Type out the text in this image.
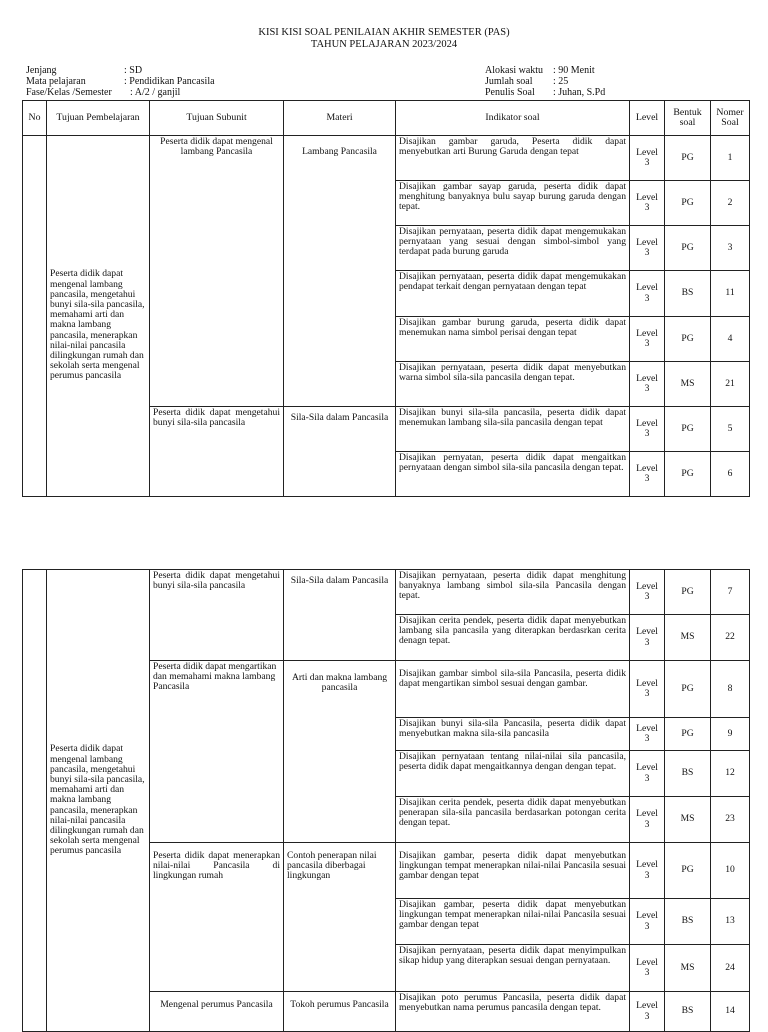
KISI KISI SOAL PENILAIAN AKHIR SEMESTER (PAS)
TAHUN PELAJARAN 2023/2024
Jenjang	: SD
Mata pelajaran	: Pendidikan Pancasila
Fase/Kelas /Semester	: A/2 / ganjil
Alokasi waktu : 90 Menit
Jumlah soal	: 25
Penulis Soal	: Juhan, S.Pd
No	Tujuan Pembelajaran	Tujuan Subunit	Materi	Indikator soal	Level	Bentuk soal	Nomer Soal
	Peserta didik dapat mengenal lambang pancasila, mengetahui bunyi sila-sila pancasila, memahami arti dan makna lambang pancasila, menerapkan nilai-nilai pancasila dilingkungan rumah dan sekolah serta mengenal perumus pancasila	Peserta didik dapat mengenal lambang Pancasila	Lambang Pancasila	Disajikan gambar garuda, Peserta didik dapat menyebutkan arti Burung Garuda dengan tepat	Level 3	PG	1
				Disajikan gambar sayap garuda, peserta didik dapat menghitung banyaknya bulu sayap burung garuda dengan tepat.	Level 3	PG	2
				Disajikan pernyataan, peserta didik dapat mengemukakan pernyataan yang sesuai dengan simbol-simbol yang terdapat pada burung garuda	Level 3	PG	3
				Disajikan pernyataan, peserta didik dapat mengemukakan pendapat terkait dengan pernyataan dengan tepat	Level 3	BS	11
				Disajikan gambar burung garuda, peserta didik dapat menemukan nama simbol perisai dengan tepat	Level 3	PG	4
				Disajikan pernyataan, peserta didik dapat menyebutkan warna simbol sila-sila pancasila dengan tepat.	Level 3	MS	21
		Peserta didik dapat mengetahui bunyi sila-sila pancasila	Sila-Sila dalam Pancasila	Disajikan bunyi sila-sila pancasila, peserta didik dapat menemukan lambang sila-sila pancasila dengan tepat	Level 3	PG	5
				Disajikan pernyatan, peserta didik dapat mengaitkan pernyataan dengan simbol sila-sila pancasila dengan tepat.	Level 3	PG	6
	Peserta didik dapat mengenal lambang pancasila, mengetahui bunyi sila-sila pancasila, memahami arti dan makna lambang pancasila, menerapkan nilai-nilai pancasila dilingkungan rumah dan sekolah serta mengenal perumus pancasila	Peserta didik dapat mengetahui bunyi sila-sila pancasila	Sila-Sila dalam Pancasila	Disajikan pernyataan, peserta didik dapat menghitung banyaknya lambang simbol sila-sila Pancasila dengan tepat.	Level 3	PG	7
				Disajikan cerita pendek, peserta didik dapat menyebutkan lambang sila pancasila yang diterapkan berdasrkan cerita denagn tepat.	Level 3	MS	22
		Peserta didik dapat mengartikan dan memahami makna lambang Pancasila	Arti dan makna lambang pancasila	Disajikan gambar simbol sila-sila Pancasila, peserta didik dapat mengartikan simbol sesuai dengan gambar.	Level 3	PG	8
				Disajikan bunyi sila-sila Pancasila, peserta didik dapat menyebutkan makna sila-sila pancasila	Level 3	PG	9
				Disajikan pernyataan tentang nilai-nilai sila pancasila, peserta didik dapat mengaitkannya dengan dengan tepat.	Level 3	BS	12
				Disajikan cerita pendek, peserta didik dapat menyebutkan penerapan sila-sila pancasila berdasarkan potongan cerita dengan tepat.	Level 3	MS	23
		Peserta didik dapat menerapkan nilai-nilai Pancasila di lingkungan rumah	Contoh penerapan nilai pancasila diberbagai lingkungan	Disajikan gambar, peserta didik dapat menyebutkan lingkungan tempat menerapkan nilai-nilai Pancasila sesuai gambar dengan tepat	Level 3	PG	10
				Disajikan gambar, peserta didik dapat menyebutkan lingkungan tempat menerapkan nilai-nilai Pancasila sesuai gambar dengan tepat	Level 3	BS	13
				Disajikan pernyataan, peserta didik dapat menyimpulkan sikap hidup yang diterapkan sesuai dengan pernyataan.	Level 3	MS	24
		Mengenal perumus Pancasila	Tokoh perumus Pancasila	Disajikan poto perumus Pancasila, peserta didik dapat menyebutkan nama perumus pancasila dengan tepat.	Level 3	BS	14
